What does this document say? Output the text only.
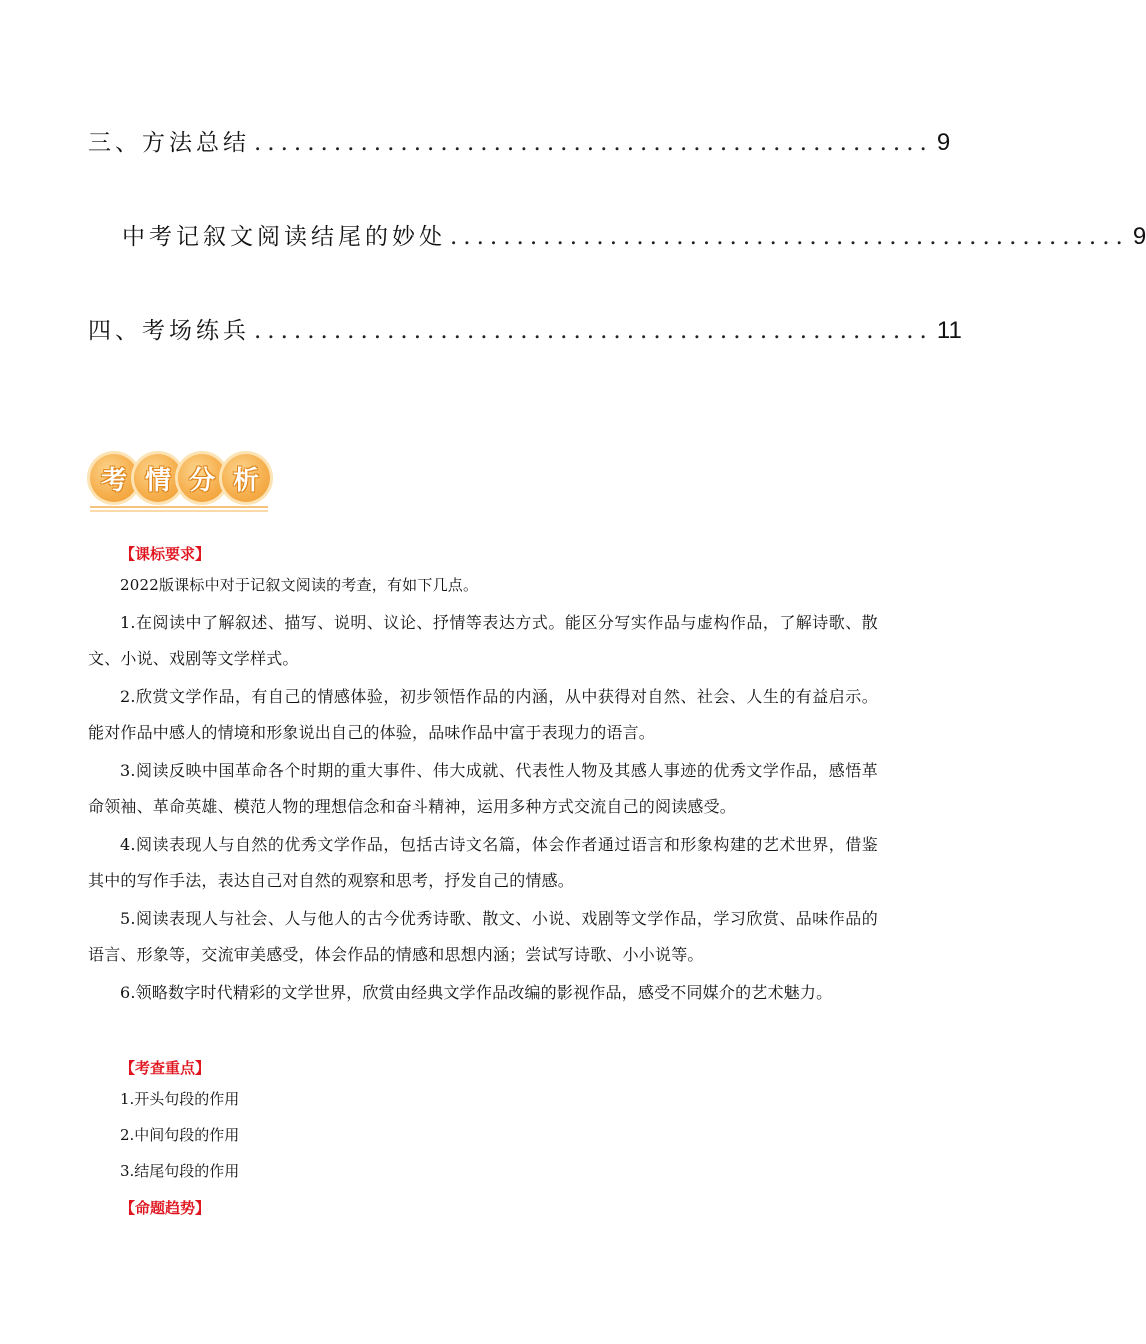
三、方法总结 ................................................... 9
中考记叙文阅读结尾的妙处 ................................................... 9
四、考场练兵 ................................................... 11
考 情 分 析
【课标要求】
2022版课标中对于记叙文阅读的考查，有如下几点。
1.在阅读中了解叙述、描写、说明、议论、抒情等表达方式。能区分写实作品与虚构作品，了解诗歌、散文、小说、戏剧等文学样式。
2.欣赏文学作品，有自己的情感体验，初步领悟作品的内涵，从中获得对自然、社会、人生的有益启示。能对作品中感人的情境和形象说出自己的体验，品味作品中富于表现力的语言。
3.阅读反映中国革命各个时期的重大事件、伟大成就、代表性人物及其感人事迹的优秀文学作品，感悟革命领袖、革命英雄、模范人物的理想信念和奋斗精神，运用多种方式交流自己的阅读感受。
4.阅读表现人与自然的优秀文学作品，包括古诗文名篇，体会作者通过语言和形象构建的艺术世界，借鉴其中的写作手法，表达自己对自然的观察和思考，抒发自己的情感。
5.阅读表现人与社会、人与他人的古今优秀诗歌、散文、小说、戏剧等文学作品，学习欣赏、品味作品的语言、形象等，交流审美感受，体会作品的情感和思想内涵；尝试写诗歌、小小说等。
6.领略数字时代精彩的文学世界，欣赏由经典文学作品改编的影视作品，感受不同媒介的艺术魅力。
【考查重点】
1.开头句段的作用
2.中间句段的作用
3.结尾句段的作用
【命题趋势】
